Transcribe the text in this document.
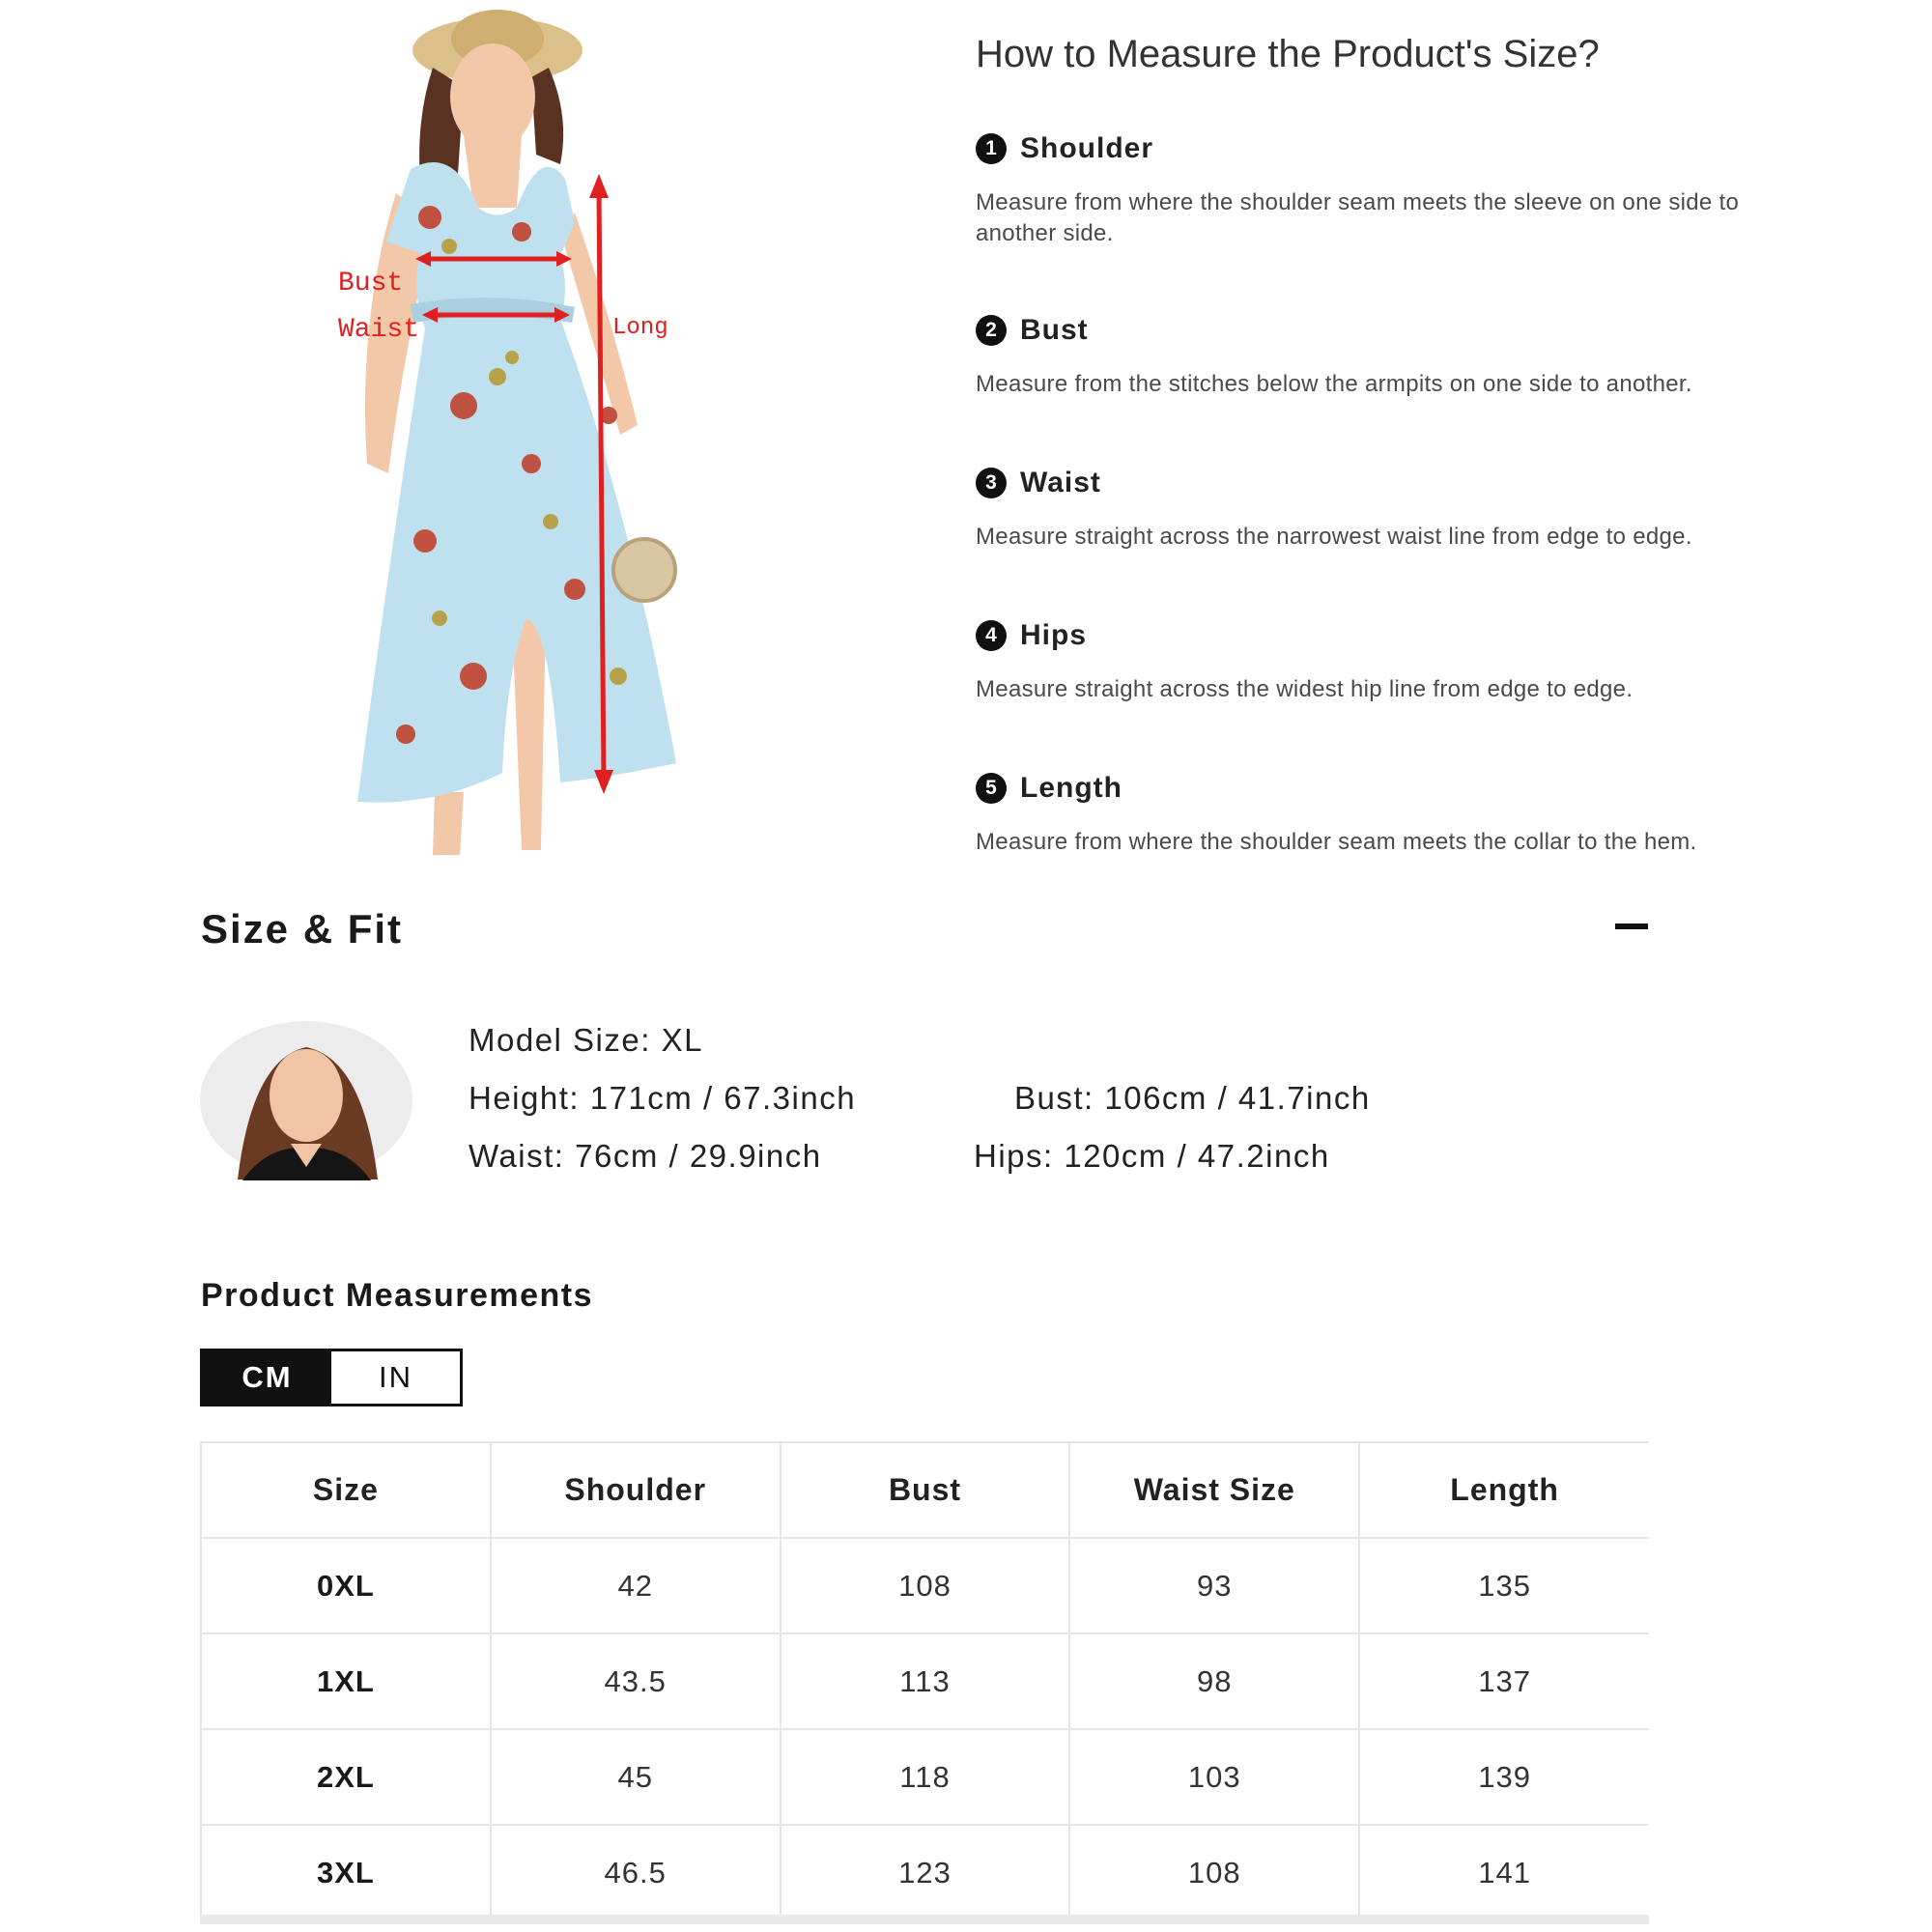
Bust
Waist	Long
How to Measure the Product's Size?
1 Shoulder
Measure from where the shoulder seam meets the sleeve on one side to another side.
2 Bust
Measure from the stitches below the armpits on one side to another.
3 Waist
Measure straight across the narrowest waist line from edge to edge.
4 Hips
Measure straight across the widest hip line from edge to edge.
5 Length
Measure from where the shoulder seam meets the collar to the hem.
Size & Fit
Model Size: XL
Height: 171cm / 67.3inch	Bust: 106cm / 41.7inch
Waist: 76cm / 29.9inch	Hips: 120cm / 47.2inch
Product Measurements
CM	IN
Size	Shoulder	Bust	Waist Size	Length
0XL	42	108	93	135
1XL	43.5	113	98	137
2XL	45	118	103	139
3XL	46.5	123	108	141
